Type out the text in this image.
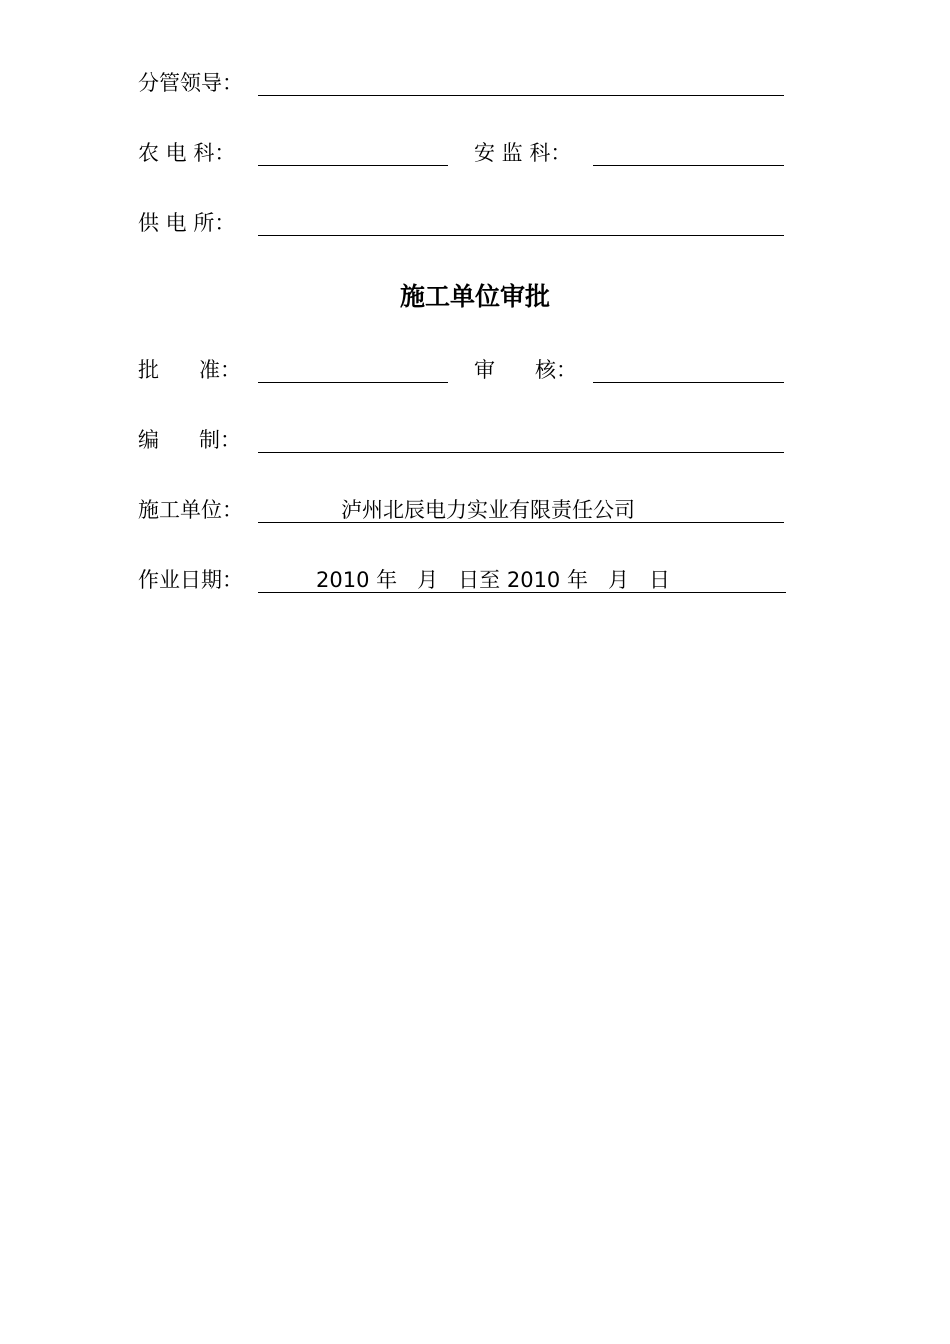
分管领导：
农 电 科：	安 监 科：
供 电 所：
施工单位审批
批      准：	审      核：
编      制：
施工单位：	泸州北辰电力实业有限责任公司
作业日期：	2010 年   月   日至 2010 年   月   日
